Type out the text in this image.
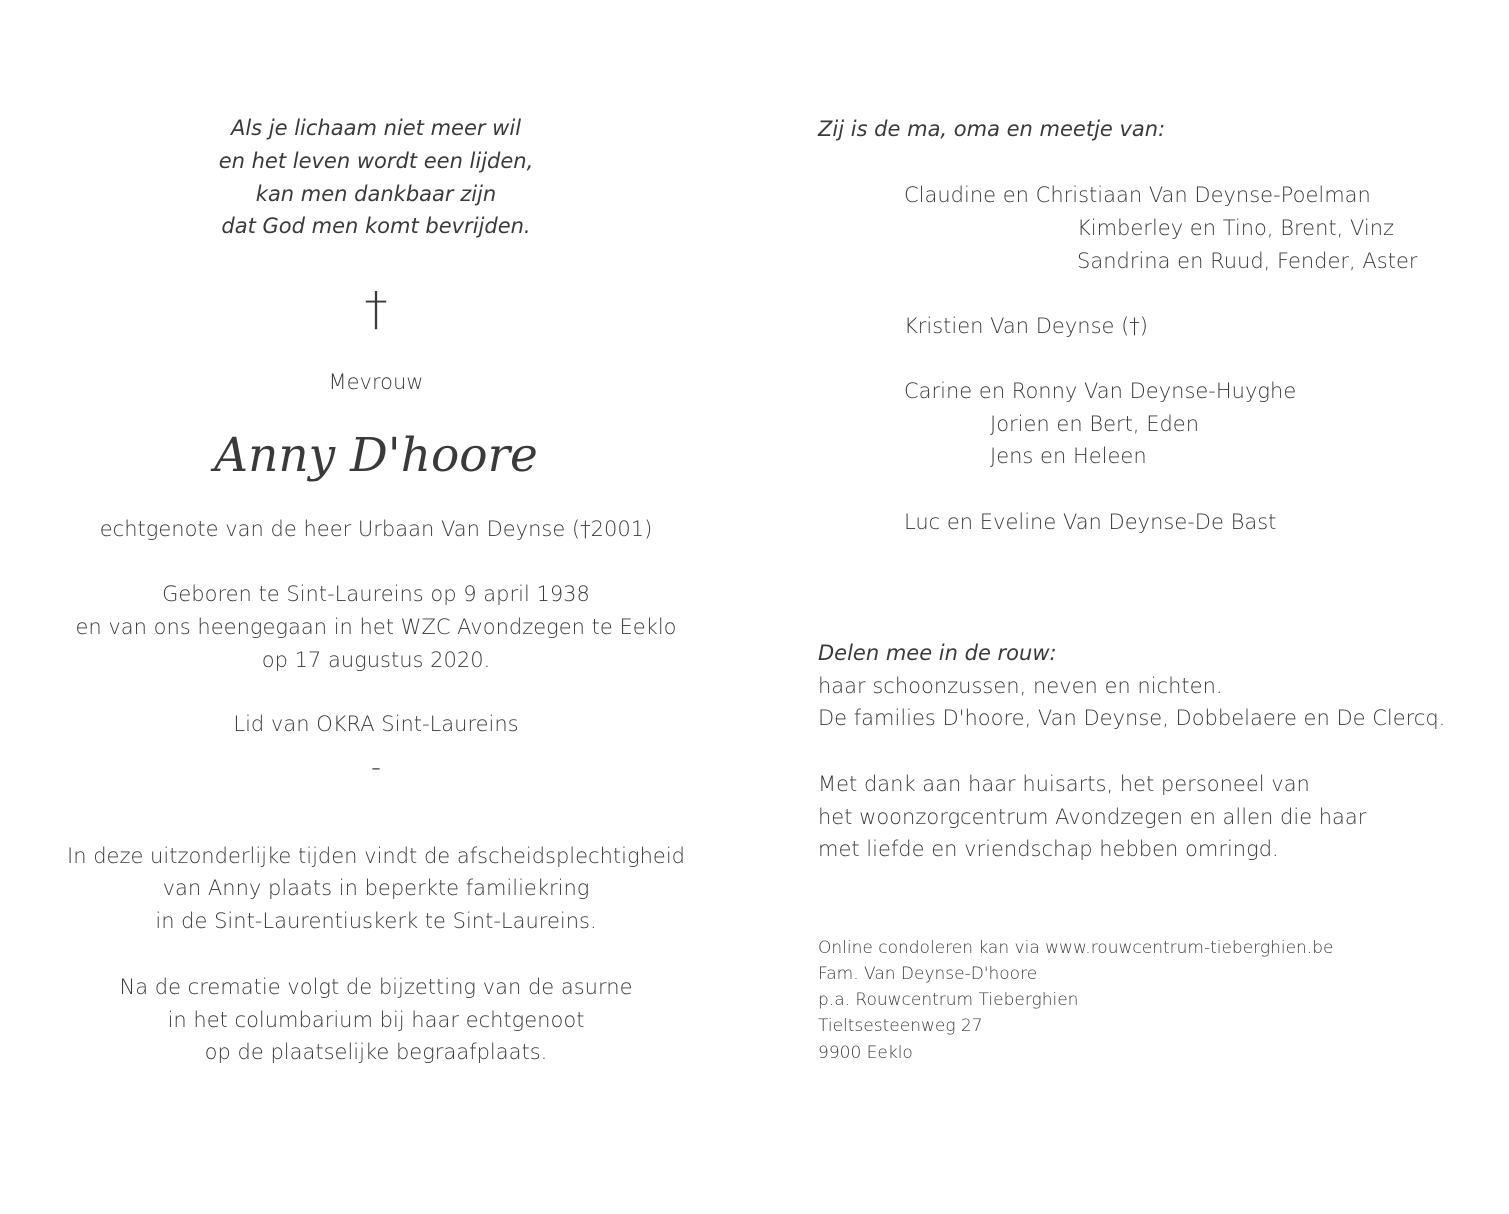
Als je lichaam niet meer wil
en het leven wordt een lijden,
kan men dankbaar zijn
dat God men komt bevrijden.
†
Mevrouw
Anny D'hoore
echtgenote van de heer Urbaan Van Deynse (†2001)
Geboren te Sint-Laureins op 9 april 1938
en van ons heengegaan in het WZC Avondzegen te Eeklo
op 17 augustus 2020.
Lid van OKRA Sint-Laureins
–
In deze uitzonderlijke tijden vindt de afscheidsplechtigheid
van Anny plaats in beperkte familiekring
in de Sint-Laurentiuskerk te Sint-Laureins.
Na de crematie volgt de bijzetting van de asurne
in het columbarium bij haar echtgenoot
op de plaatselijke begraafplaats.
Zij is de ma, oma en meetje van:
Claudine en Christiaan Van Deynse-Poelman
Kimberley en Tino, Brent, Vinz
Sandrina en Ruud, Fender, Aster
Kristien Van Deynse (†)
Carine en Ronny Van Deynse-Huyghe
Jorien en Bert, Eden
Jens en Heleen
Luc en Eveline Van Deynse-De Bast
Delen mee in de rouw:
haar schoonzussen, neven en nichten.
De families D'hoore, Van Deynse, Dobbelaere en De Clercq.
Met dank aan haar huisarts, het personeel van
het woonzorgcentrum Avondzegen en allen die haar
met liefde en vriendschap hebben omringd.
Online condoleren kan via www.rouwcentrum-tieberghien.be
Fam. Van Deynse-D'hoore
p.a. Rouwcentrum Tieberghien
Tieltsesteenweg 27
9900 Eeklo
